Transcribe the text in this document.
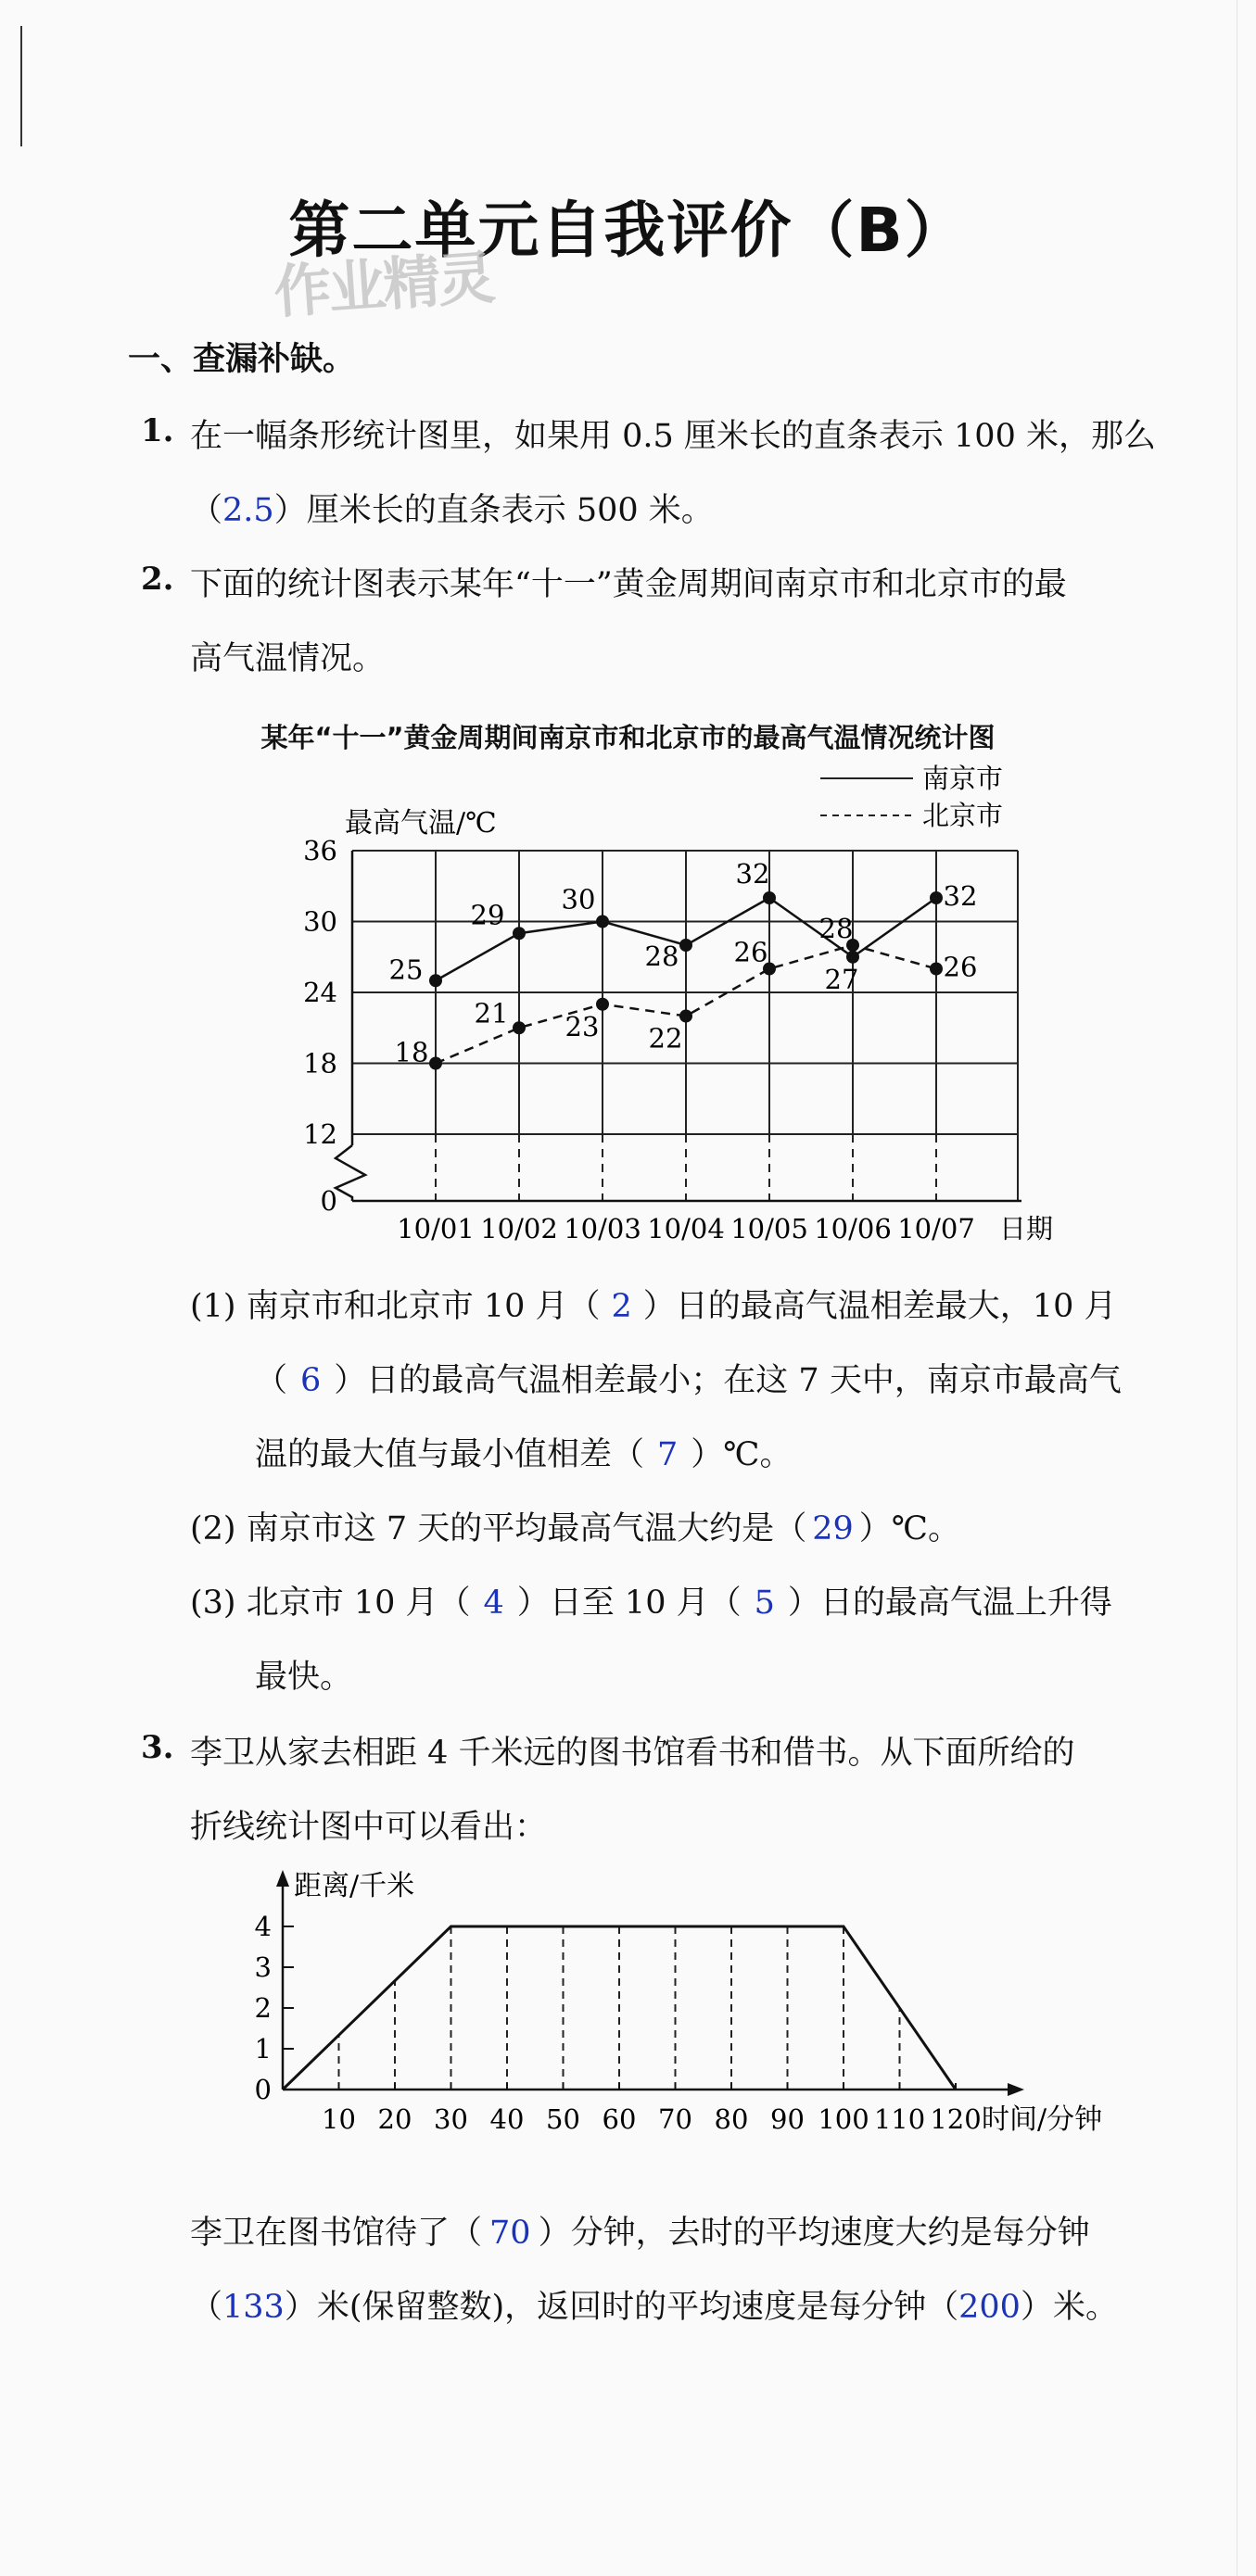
第二单元自我评价（B）
作业精灵
一、查漏补缺。
1. 在一幅条形统计图里，如果用 0.5 厘米长的直条表示 100 米，那么
（2.5）厘米长的直条表示 500 米。
2. 下面的统计图表示某年“十一”黄金周期间南京市和北京市的最
高气温情况。
某年“十一”黄金周期间南京市和北京市的最高气温情况统计图
0
12
18
24
30
36
最高气温/℃
10/01 10/02 10/03 10/04 10/05 10/06 10/07 日期
25
29 30
28
32
27
32
18
21 23 22
26
28
26
南京市
北京市
(1) 南京市和北京市 10 月（ 2 ）日的最高气温相差最大，10 月
（ 6 ）日的最高气温相差最小；在这 7 天中，南京市最高气
温的最大值与最小值相差（ 7 ）℃。
(2) 南京市这 7 天的平均最高气温大约是（ 29 ）℃。
(3) 北京市 10 月（ 4 ）日至 10 月（ 5 ）日的最高气温上升得
最快。
3. 李卫从家去相距 4 千米远的图书馆看书和借书。从下面所给的
折线统计图中可以看出：
0
1
2
3
4
距离/千米
10 20 30 40 50 60 70 80 90 100 110 120 时间/分钟
李卫在图书馆待了（ 70 ）分钟，去时的平均速度大约是每分钟
（133）米(保留整数)，返回时的平均速度是每分钟（200）米。
